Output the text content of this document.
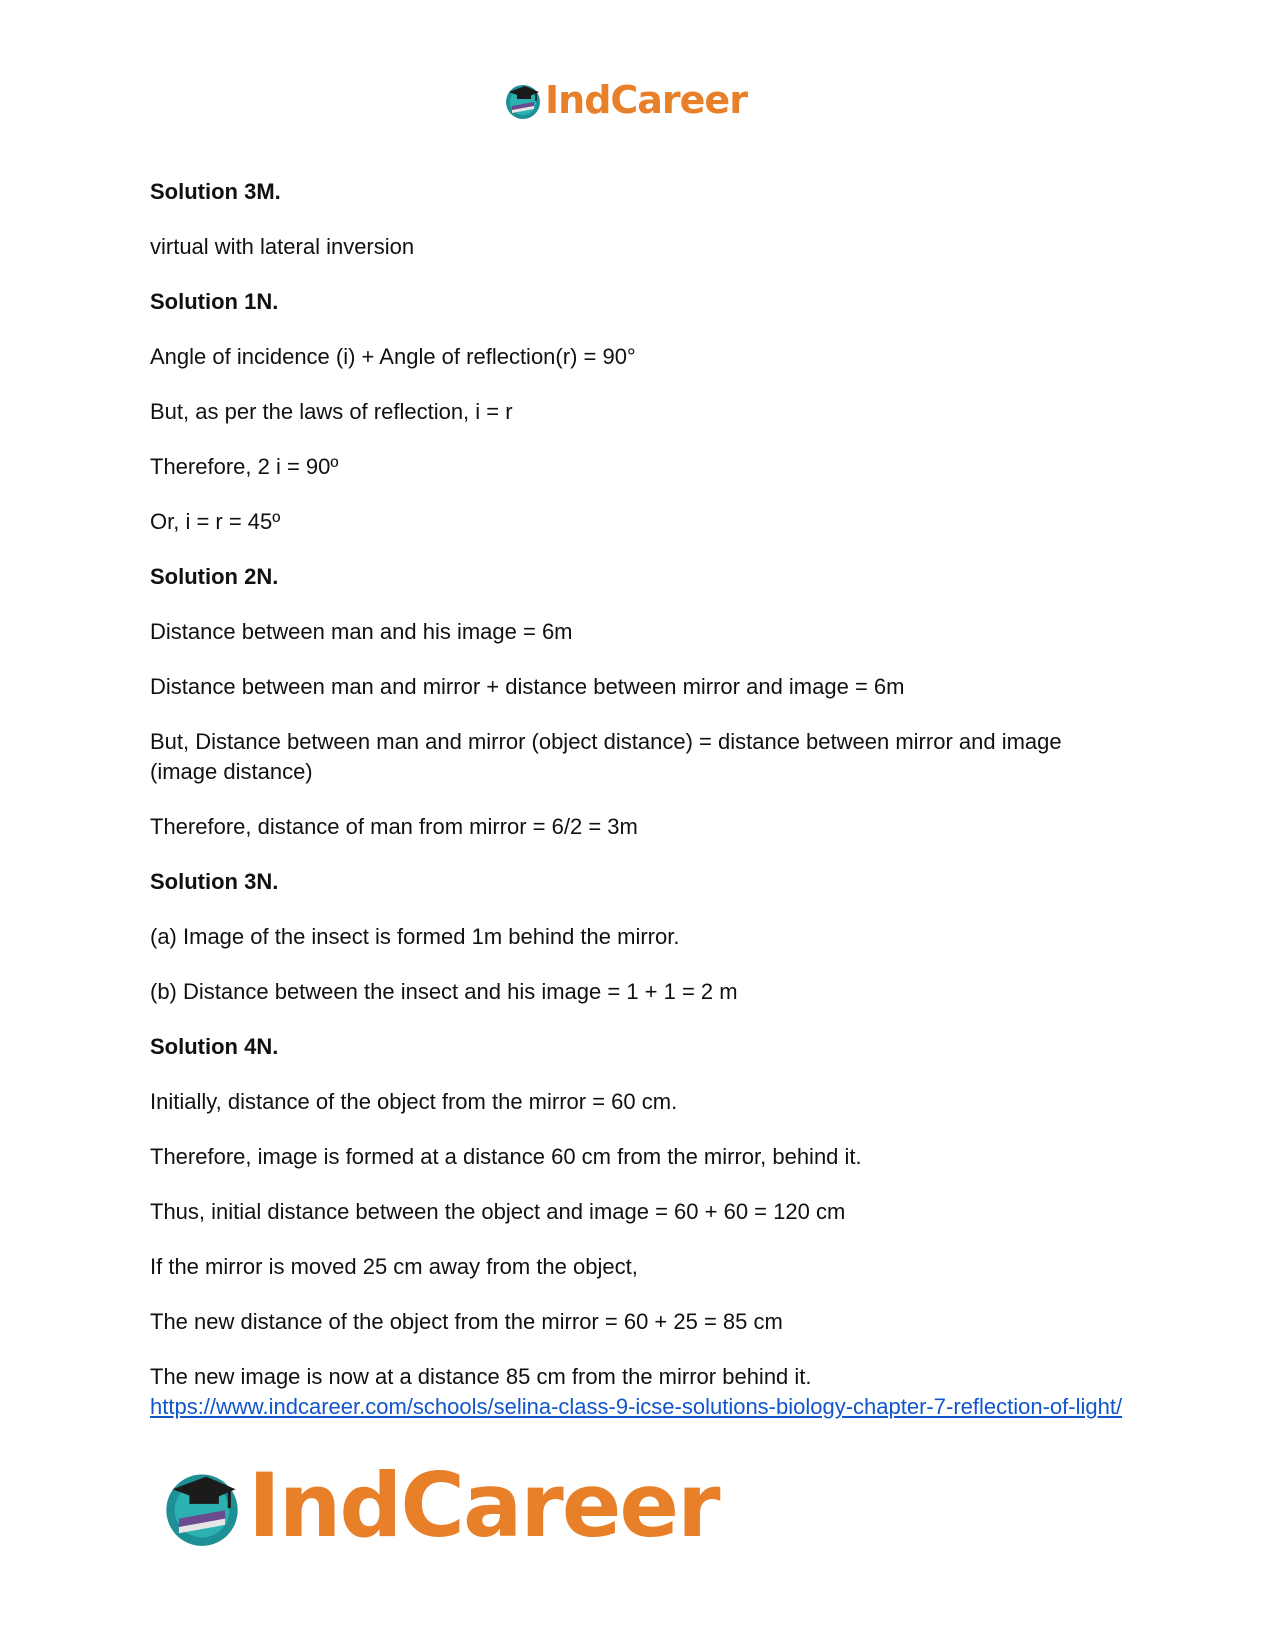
IndCareer
Solution 3M.
virtual with lateral inversion
Solution 1N.
Angle of incidence (i) + Angle of reflection(r) = 90°
But, as per the laws of reflection, i = r
Therefore, 2 i = 90º
Or, i = r = 45º
Solution 2N.
Distance between man and his image = 6m
Distance between man and mirror + distance between mirror and image = 6m
But, Distance between man and mirror (object distance) = distance between mirror and image (image distance)
Therefore, distance of man from mirror = 6/2 = 3m
Solution 3N.
(a) Image of the insect is formed 1m behind the mirror.
(b) Distance between the insect and his image = 1 + 1 = 2 m
Solution 4N.
Initially, distance of the object from the mirror = 60 cm.
Therefore, image is formed at a distance 60 cm from the mirror, behind it.
Thus, initial distance between the object and image = 60 + 60 = 120 cm
If the mirror is moved 25 cm away from the object,
The new distance of the object from the mirror = 60 + 25 = 85 cm
The new image is now at a distance 85 cm from the mirror behind it.
https://www.indcareer.com/schools/selina-class-9-icse-solutions-biology-chapter-7-reflection-of-light/
IndCareer
